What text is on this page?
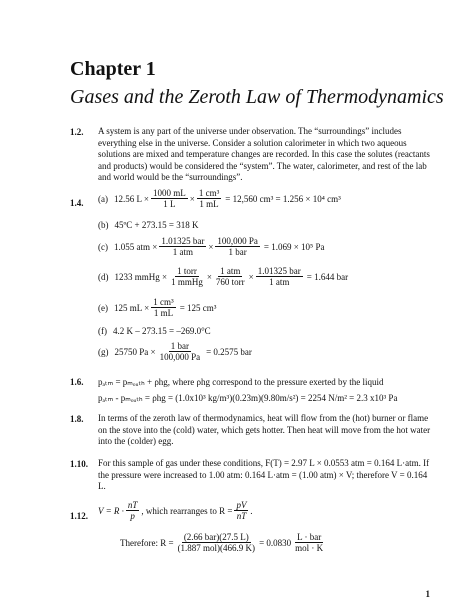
Chapter 1
Gases and the Zeroth Law of Thermodynamics
1.2. A system is any part of the universe under observation. The “surroundings” includes everything else in the universe. Consider a solution calorimeter in which two aqueous solutions are mixed and temperature changes are recorded. In this case the solutes (reactants and products) would be considered the “system”. The water, calorimeter, and rest of the lab and world would be the “surroundings”.
1.4. (a) 12.56 $L \times \frac{1000 mL}{1 L} \times \frac{\text{1 cm³}}{1 mL} = 12,560$ cm³ = 1.256 × 10⁴ cm³
(b) 45ºC + 273.15 = 318 K
(c) 1.055 atm × $\frac{\text{1.01325 bar}}{\text{1 atm}} \times \frac{100,000 Pa}{\text{1 bar}} = 1.069 \times 10^5$ Pa
(d) 1233 mmHg × $\frac{\text{1 torr}}{\text{1 mmHg}} \times \frac{\text{1 atm}}{\text{760 torr}} \times \frac{\text{1.01325 bar}}{\text{1 atm}} = 1.644$ bar
(e) 125 mL × $\frac{\text{1 cm³}}{1 mL} = 125$ cm³
(f) 4.2 K – 273.15 = –269.0°C
(g) 25750 $Pa \times \frac{\text{1 bar}}{100,000 Pa} = 0.2575$ bar
1.6. pₐₜₘ = pₘₒᵤₜₕ + ρhg, where ρhg correspond to the pressure exerted by the liquid
pₐₜₘ - pₘₒᵤₜₕ = ρhg = (1.0x10³ kg/m³)(0.23m)(9.80m/s²) = 2254 N/m² = 2.3 x10³ Pa
1.8. In terms of the zeroth law of thermodynamics, heat will flow from the (hot) burner or flame on the stove into the (cold) water, which gets hotter. Then heat will move from the hot water into the (colder) egg.
1.10. For this sample of gas under these conditions, F(T) = 2.97 L × 0.0553 atm = 0.164 L·atm. If the pressure were increased to 1.00 atm: 0.164 L·atm = (1.00 atm) × V; therefore V = 0.164 L.
1.12.
$V = R \cdot \frac{nT}{p}$ , which rearranges to $R = \frac{pV}{nT}$ .
Therefore: $R = \frac{\text{(2.66 bar)(27.5 L)}}{\text{(1.887 mol)(466.9 K)}} = 0.0830 \frac{\text{L · bar}}{\text{mol · K}}$
1
